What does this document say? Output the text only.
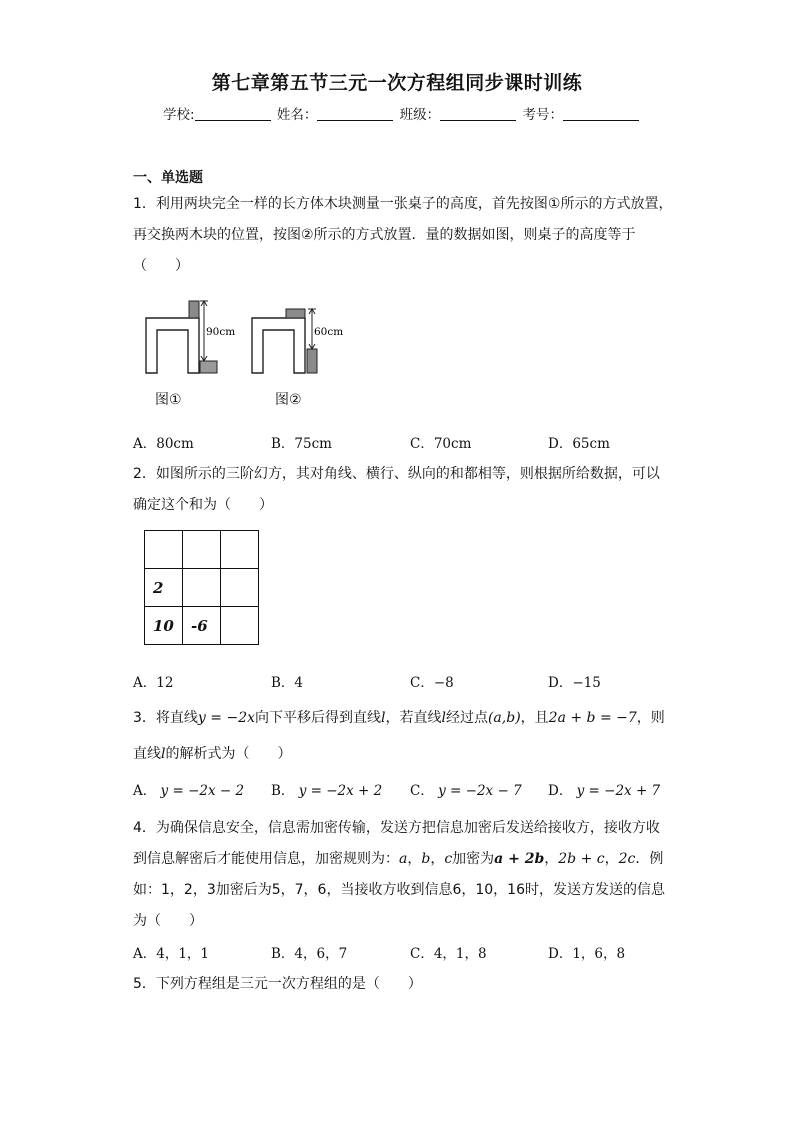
第七章第五节三元一次方程组同步课时训练
学校:	姓名：	班级：	考号：
一、单选题
1．利用两块完全一样的长方体木块测量一张桌子的高度，首先按图①所示的方式放置，
再交换两木块的位置，按图②所示的方式放置．量的数据如图，则桌子的高度等于
（　　）
90cm	60cm
图①	图②
A．80cm	B．75cm	C．70cm	D．65cm
2．如图所示的三阶幻方，其对角线、横行、纵向的和都相等，则根据所给数据，可以
确定这个和为（　　）

2		
10	-6	
A．12	B．4	C．−8	D．−15
3．将直线y = −2x向下平移后得到直线l，若直线l经过点(a,b)，且2a + b = −7，则
直线l的解析式为（　　）
A． y = −2x − 2 B． y = −2x + 2 C． y = −2x − 7 D． y = −2x + 7
4．为确保信息安全，信息需加密传输，发送方把信息加密后发送给接收方，接收方收
到信息解密后才能使用信息，加密规则为：a，b，c加密为a + 2b，2b + c，2c．例
如：1，2，3加密后为5，7，6，当接收方收到信息6，10，16时，发送方发送的信息
为（　　）
A．4，1，1	B．4，6，7	C．4，1，8	D．1，6，8
5．下列方程组是三元一次方程组的是（　　）
